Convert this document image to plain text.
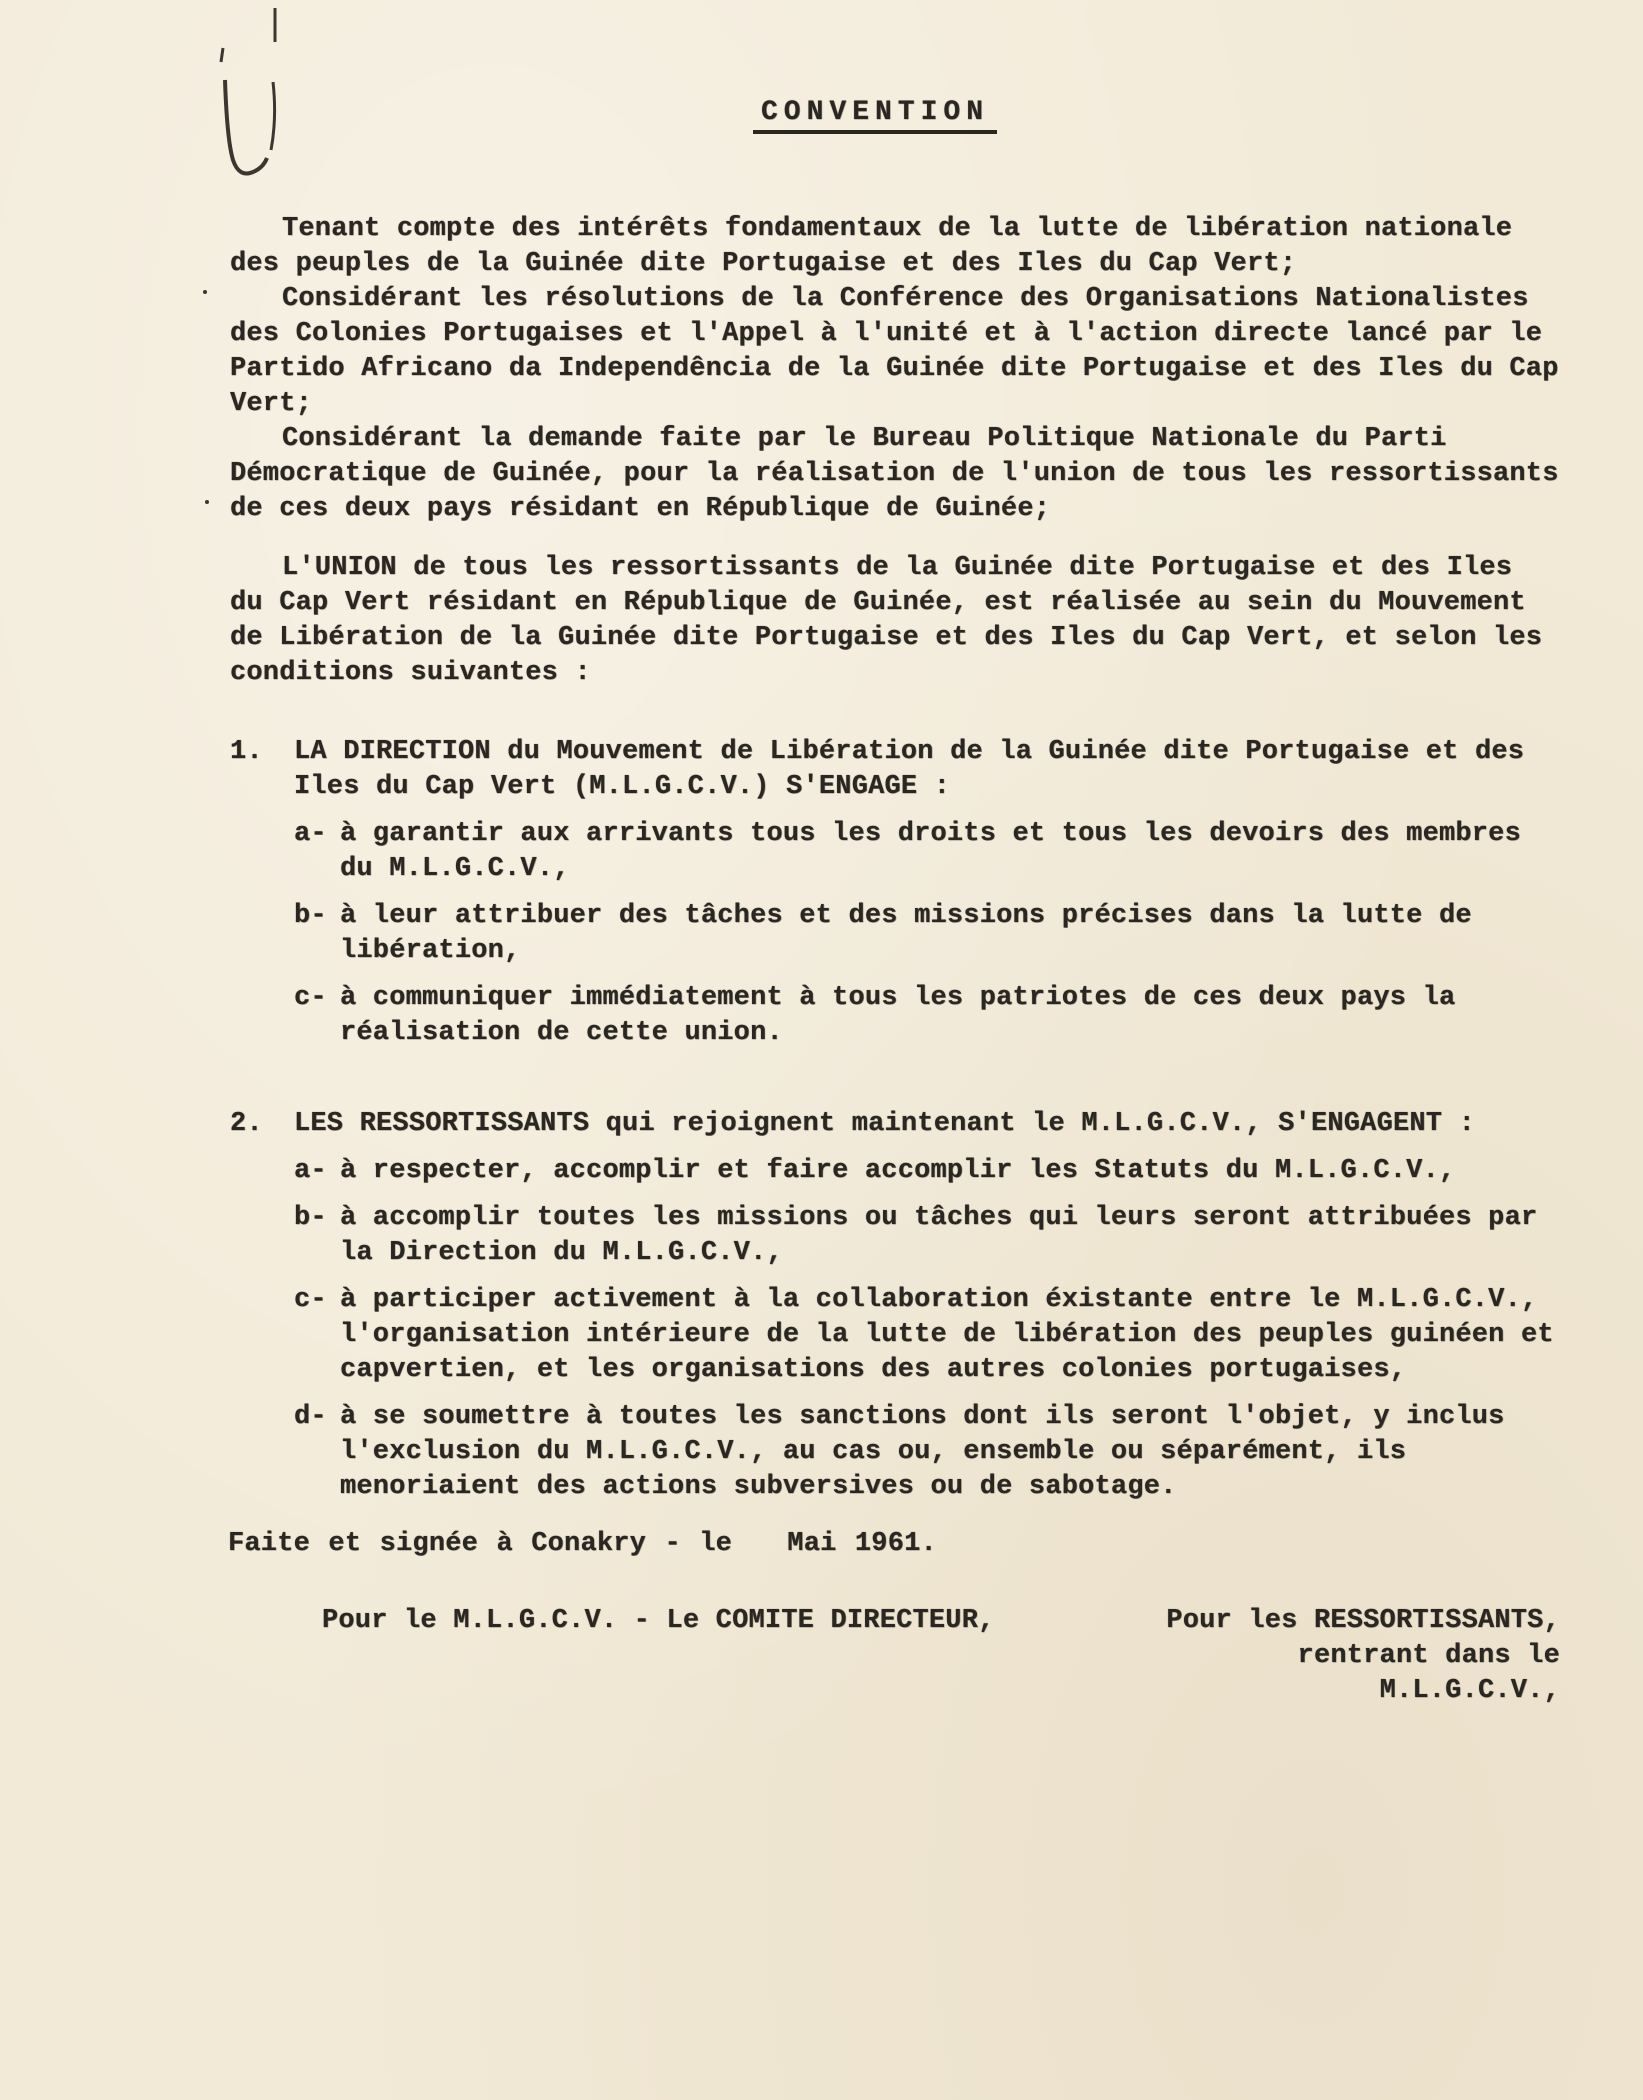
CONVENTION

Tenant compte des intérêts fondamentaux de la lutte de libération nationale des peuples de la Guinée dite Portugaise et des Iles du Cap Vert;

Considérant les résolutions de la Conférence des Organisations Nationalistes des Colonies Portugaises et l'Appel à l'unité et à l'action directe lancé par le Partido Africano da Independência de la Guinée dite Portugaise et des Iles du Cap Vert;

Considérant la demande faite par le Bureau Politique Nationale du Parti Démocratique de Guinée, pour la réalisation de l'union de tous les ressortissants de ces deux pays résidant en République de Guinée;

L'UNION de tous les ressortissants de la Guinée dite Portugaise et des Iles du Cap Vert résidant en République de Guinée, est réalisée au sein du Mouvement de Libération de la Guinée dite Portugaise et des Iles du Cap Vert, et selon les conditions suivantes :

1.	LA DIRECTION du Mouvement de Libération de la Guinée dite Portugaise et des Iles du Cap Vert (M.L.G.C.V.) S'ENGAGE :
a- à garantir aux arrivants tous les droits et tous les devoirs des membres du M.L.G.C.V.,
b- à leur attribuer des tâches et des missions précises dans la lutte de libération,
c- à communiquer immédiatement à tous les patriotes de ces deux pays la réalisation de cette union.
2.	LES RESSORTISSANTS qui rejoignent maintenant le M.L.G.C.V., S'ENGAGENT :
a- à respecter, accomplir et faire accomplir les Statuts du M.L.G.C.V.,
b- à accomplir toutes les missions ou tâches qui leurs seront attribuées par la Direction du M.L.G.C.V.,
c- à participer activement à la collaboration éxistante entre le M.L.G.C.V., l'organisation intérieure de la lutte de libération des peuples guinéen et capvertien, et les organisations des autres colonies portugaises,
d- à se soumettre à toutes les sanctions dont ils seront l'objet, y inclus l'exclusion du M.L.G.C.V., au cas ou, ensemble ou séparément, ils menoriaient des actions subversives ou de sabotage.
Faite et signée à Conakry - le   Mai 1961.
Pour le M.L.G.C.V. - Le COMITE DIRECTEUR,	Pour les RESSORTISSANTS, rentrant dans le M.L.G.C.V.,
